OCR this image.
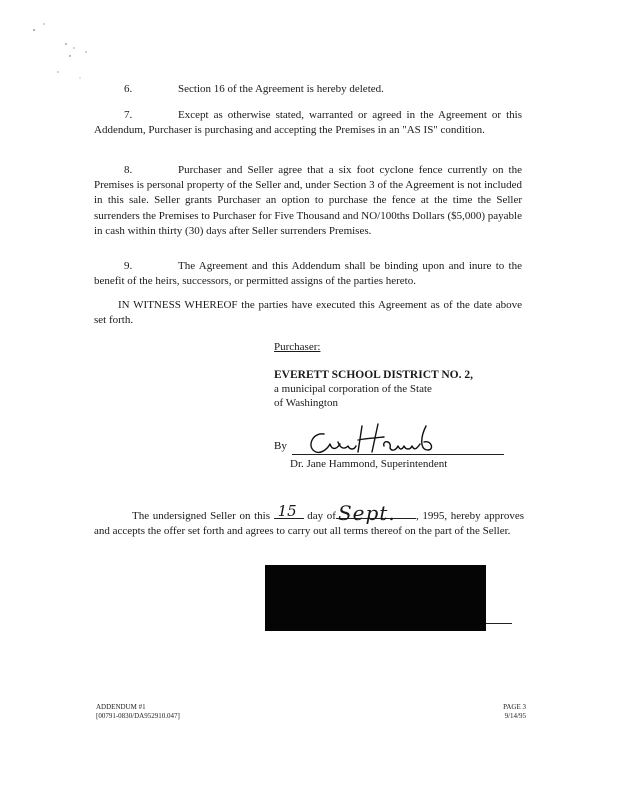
6.	Section 16 of the Agreement is hereby deleted.
7.	Except as otherwise stated, warranted or agreed in the Agreement or this Addendum, Purchaser is purchasing and accepting the Premises in an "AS IS" condition.
8.	Purchaser and Seller agree that a six foot cyclone fence currently on the Premises is personal property of the Seller and, under Section 3 of the Agreement is not included in this sale. Seller grants Purchaser an option to purchase the fence at the time the Seller surrenders the Premises to Purchaser for Five Thousand and NO/100ths Dollars ($5,000) payable in cash within thirty (30) days after Seller surrenders Premises.
9.	The Agreement and this Addendum shall be binding upon and inure to the benefit of the heirs, successors, or permitted assigns of the parties hereto.
IN WITNESS WHEREOF the parties have executed this Agreement as of the date above set forth.
Purchaser:
EVERETT SCHOOL DISTRICT NO. 2,
a municipal corporation of the State
of Washington
By
Dr. Jane Hammond, Superintendent
The undersigned Seller on this 15 day of Sept. , 1995, hereby approves and accepts the offer set forth and agrees to carry out all terms thereof on the part of the Seller.
ADDENDUM #1
[00791-0830/DA952910.047]
PAGE 3
9/14/95
